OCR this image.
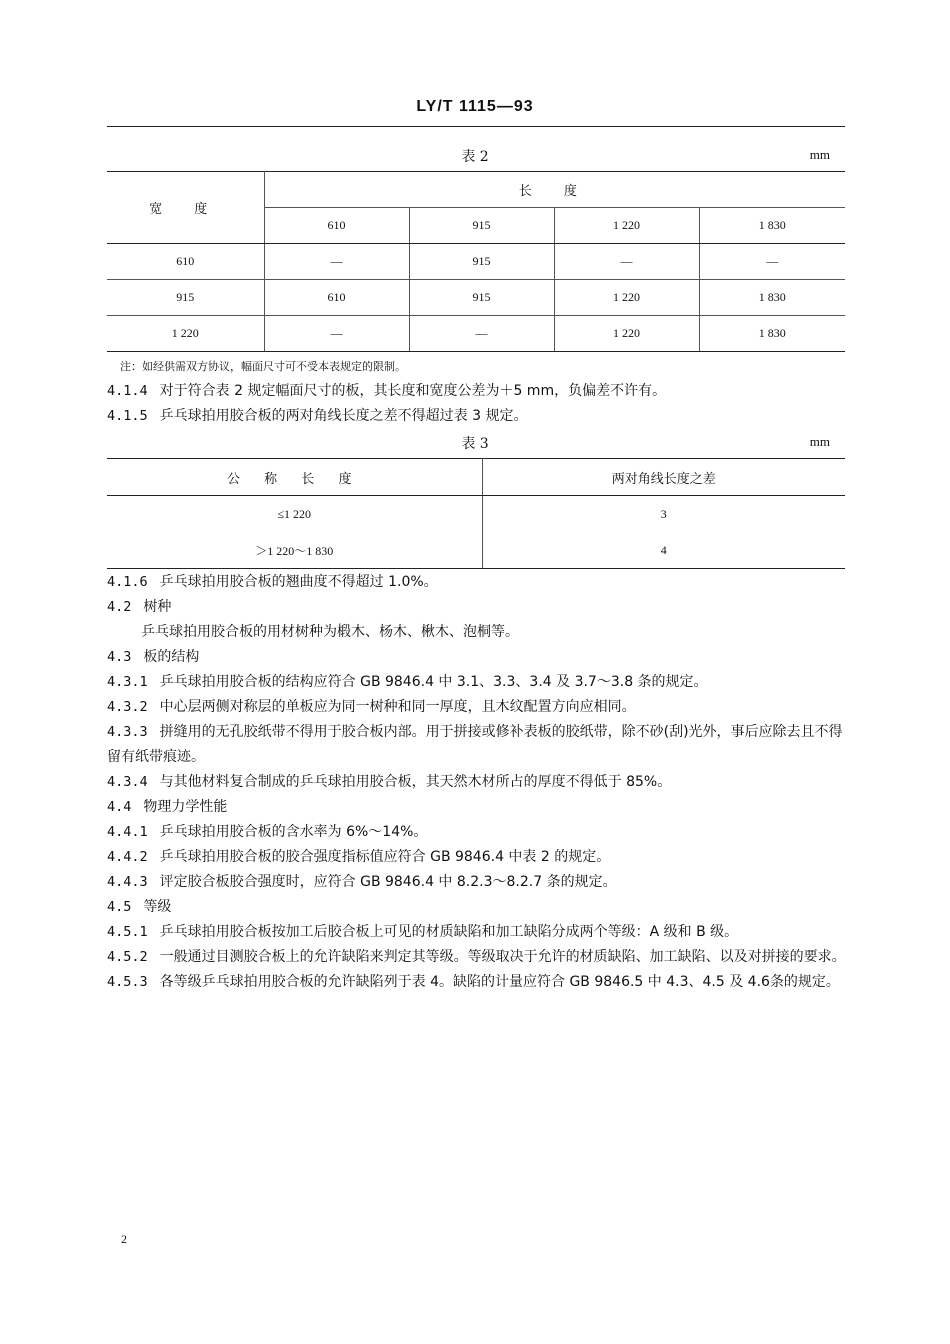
LY/T 1115—93
表 2	mm
宽 度	长 度			
	610	915	1 220	1 830
610	—	915	—	—
915	610	915	1 220	1 830
1 220	—	—	1 220	1 830
注：如经供需双方协议，幅面尺寸可不受本表规定的限制。
4.1.4 对于符合表 2 规定幅面尺寸的板，其长度和宽度公差为＋5 mm，负偏差不许有。
4.1.5 乒乓球拍用胶合板的两对角线长度之差不得超过表 3 规定。
表 3	mm
公 称 长 度	两对角线长度之差
≤1 220	3
＞1 220～1 830	4
4.1.6 乒乓球拍用胶合板的翘曲度不得超过 1.0%。
4.2 树种
乒乓球拍用胶合板的用材树种为椴木、杨木、楸木、泡桐等。
4.3 板的结构
4.3.1 乒乓球拍用胶合板的结构应符合 GB 9846.4 中 3.1、3.3、3.4 及 3.7～3.8 条的规定。
4.3.2 中心层两侧对称层的单板应为同一树种和同一厚度，且木纹配置方向应相同。
4.3.3 拼缝用的无孔胶纸带不得用于胶合板内部。用于拼接或修补表板的胶纸带，除不砂(刮)光外，事后应除去且不得留有纸带痕迹。
4.3.4 与其他材料复合制成的乒乓球拍用胶合板，其天然木材所占的厚度不得低于 85%。
4.4 物理力学性能
4.4.1 乒乓球拍用胶合板的含水率为 6%～14%。
4.4.2 乒乓球拍用胶合板的胶合强度指标值应符合 GB 9846.4 中表 2 的规定。
4.4.3 评定胶合板胶合强度时，应符合 GB 9846.4 中 8.2.3～8.2.7 条的规定。
4.5 等级
4.5.1 乒乓球拍用胶合板按加工后胶合板上可见的材质缺陷和加工缺陷分成两个等级：A 级和 B 级。
4.5.2 一般通过目测胶合板上的允许缺陷来判定其等级。等级取决于允许的材质缺陷、加工缺陷、以及对拼接的要求。
4.5.3 各等级乒乓球拍用胶合板的允许缺陷列于表 4。缺陷的计量应符合 GB 9846.5 中 4.3、4.5 及 4.6条的规定。
2
